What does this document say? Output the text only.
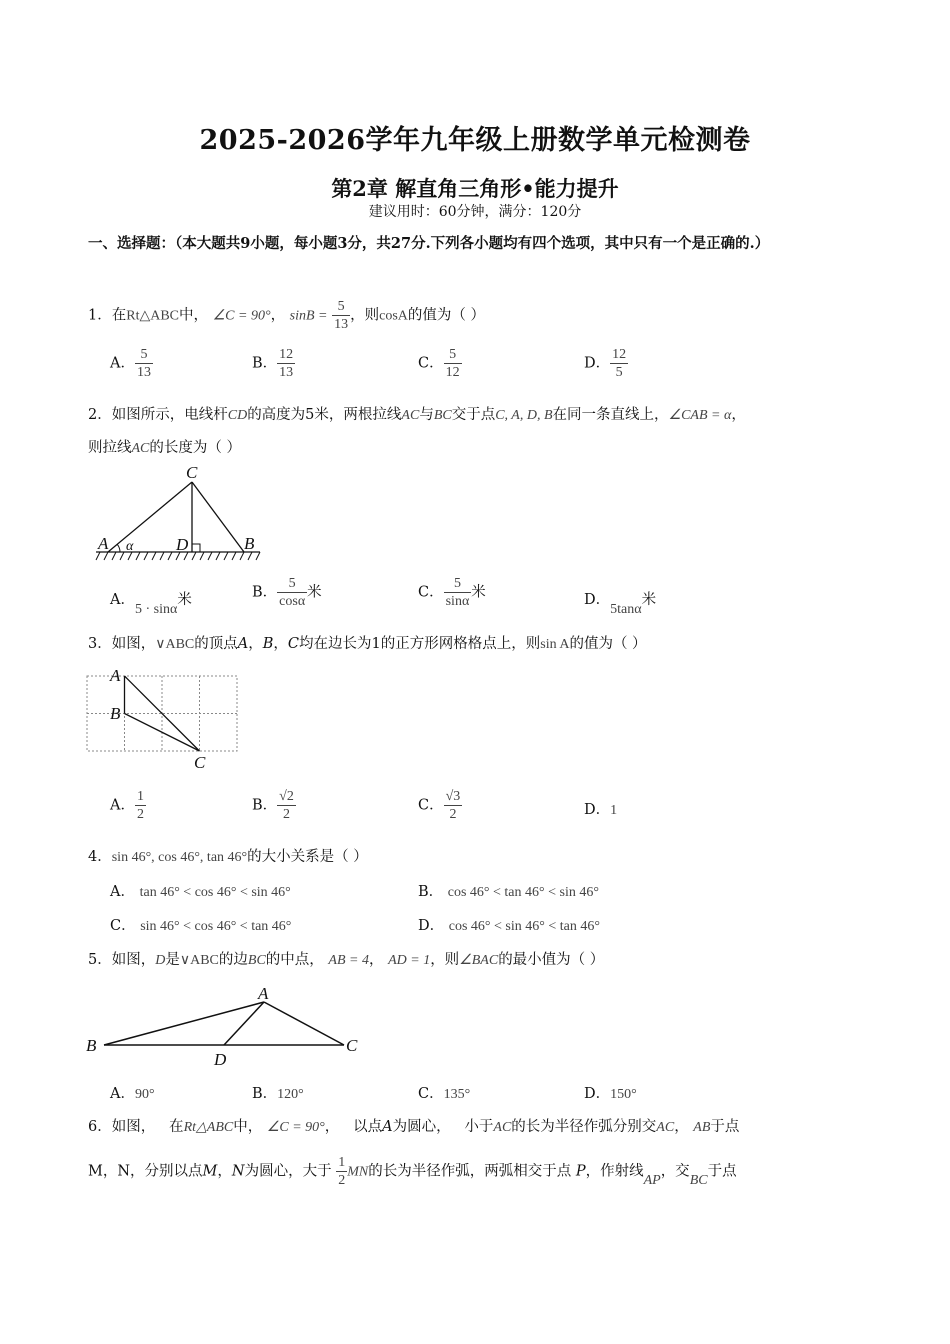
2025-2026学年九年级上册数学单元检测卷
第2章 解直角三角形•能力提升
建议用时：60分钟，满分：120分
一、选择题：（本大题共9小题，每小题3分，共27分.下列各小题均有四个选项，其中只有一个是正确的.）
1．在Rt△ABC中， ∠C = 90°， $\sin B = \frac{5}{13}$ ，则cosA的值为（ ）
A． $\frac{5}{13}$	B． $\frac{12}{13}$	C． $\frac{5}{12}$	D． $\frac{12}{5}$
2．如图所示，电线杆CD的高度为5米，两根拉线AC与BC交于点C, A, D, B在同一条直线上，∠CAB = α，
则拉线AC的长度为（ ）
C
A α	D	B
A．5 · sinα米	B． $\frac{5}{\cos\alpha}$ 米	C． $\frac{5}{\sin\alpha}$ 米	D．5tanα米
3．如图，∨ABC的顶点A，B，C均在边长为1的正方形网格格点上，则sin A的值为（ ）
A
B
C
A． $\frac{1}{2}$	B． $\frac{√2}{2}$	C． $\frac{√3}{2}$	D．1
4．sin 46°, cos 46°, tan 46°的大小关系是（ ）
A． tan 46° < cos 46° < sin 46°	B． cos 46° < tan 46° < sin 46°
C． sin 46° < cos 46° < tan 46°	D． cos 46° < sin 46° < tan 46°
5．如图，D是∨ABC的边BC的中点， AB = 4， AD = 1，则∠BAC的最小值为（ ）
A
B	C
D
A．90°	B．120°	C．135°	D．150°
6．如图，   在Rt△ABC中， ∠C = 90°，   以点A为圆心，   小于AC的长为半径作弧分别交AC， AB于点
M，N，分别以点M，N为圆心，大于 $\frac{1}{2}$ MN的长为半径作弧，两弧相交于点 P，作射线AP，交BC于点
